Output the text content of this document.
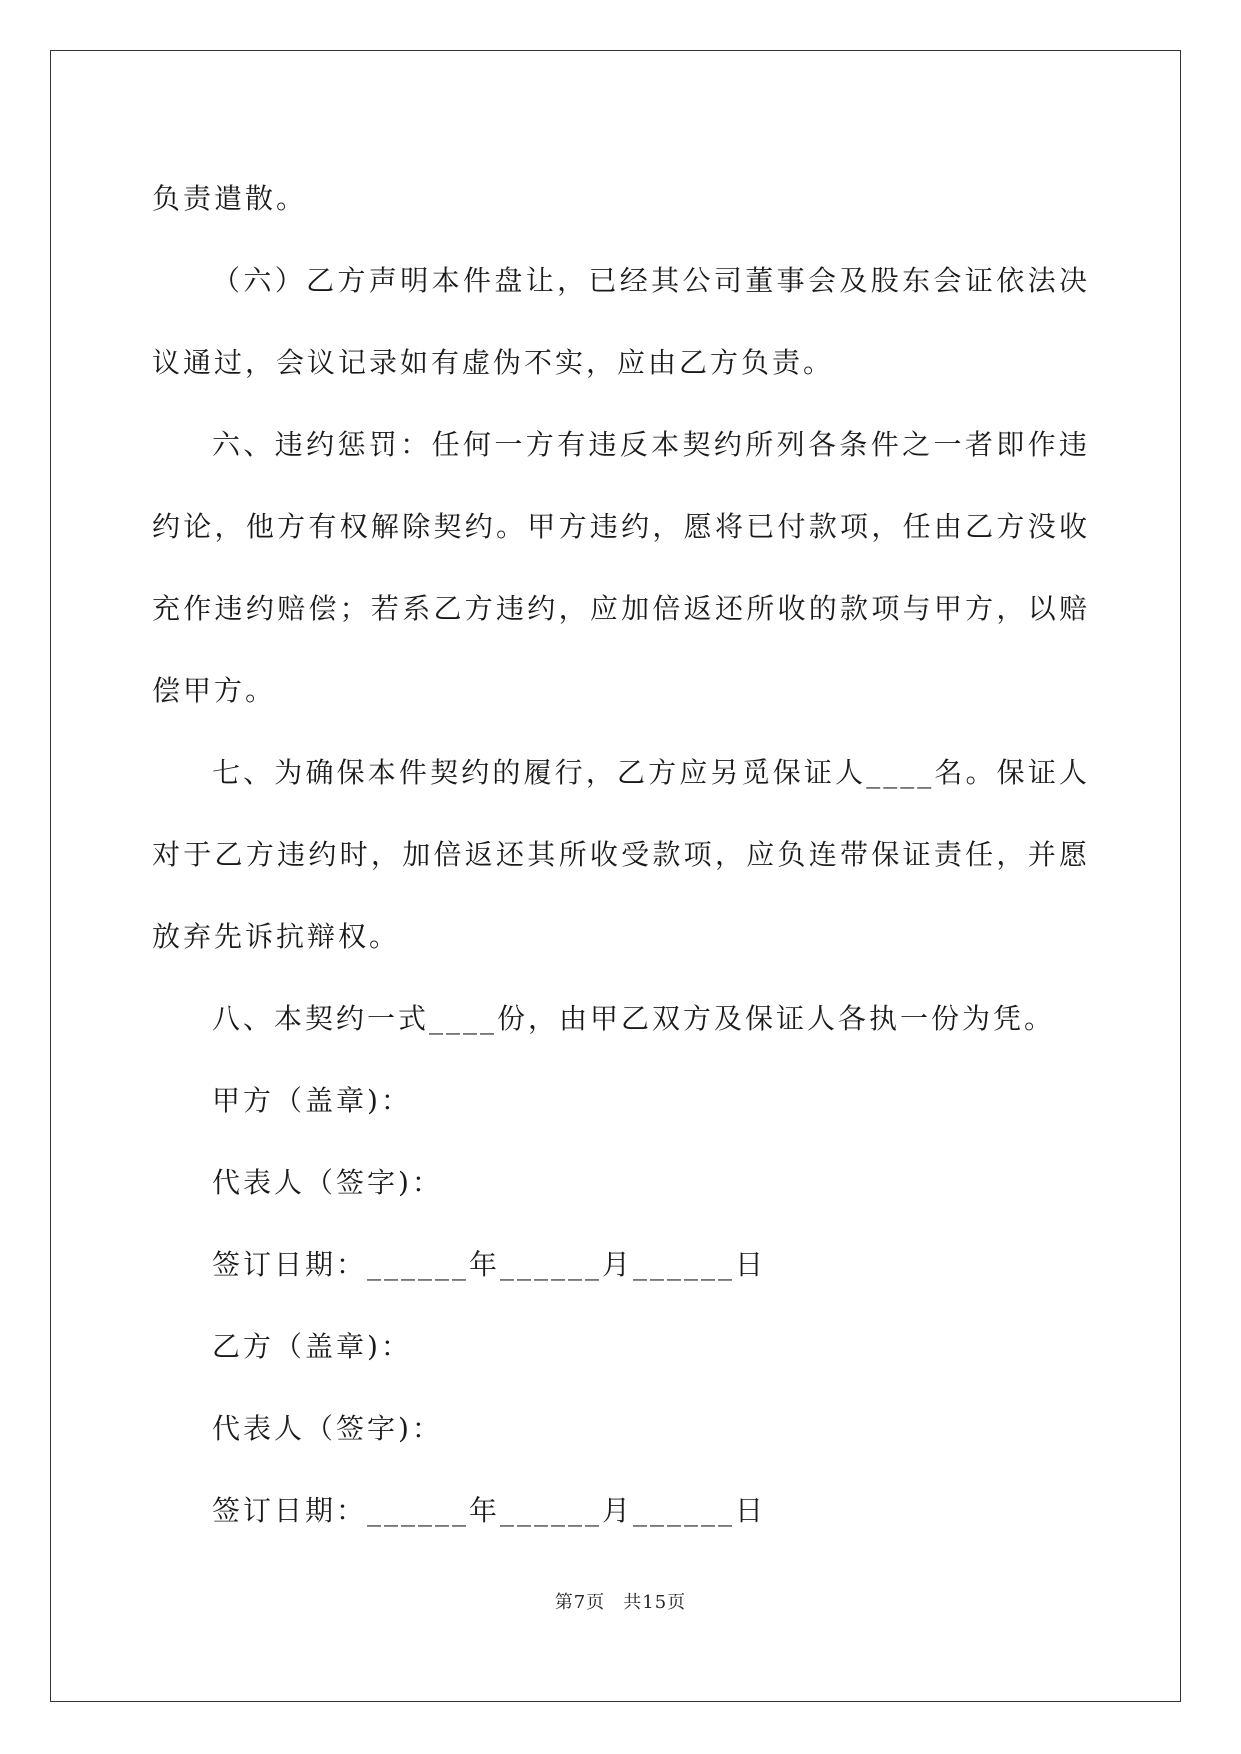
负责遣散。
（六）乙方声明本件盘让，已经其公司董事会及股东会证依法决
议通过，会议记录如有虚伪不实，应由乙方负责。
六、违约惩罚：任何一方有违反本契约所列各条件之一者即作违
约论，他方有权解除契约。甲方违约，愿将已付款项，任由乙方没收
充作违约赔偿；若系乙方违约，应加倍返还所收的款项与甲方，以赔
偿甲方。
七、为确保本件契约的履行，乙方应另觅保证人____名。保证人
对于乙方违约时，加倍返还其所收受款项，应负连带保证责任，并愿
放弃先诉抗辩权。
八、本契约一式____份，由甲乙双方及保证人各执一份为凭。
甲方（盖章)：
代表人（签字)：
签订日期：______年______月______日
乙方（盖章)：
代表人（签字)：
签订日期：______年______月______日
第7页 共15页
